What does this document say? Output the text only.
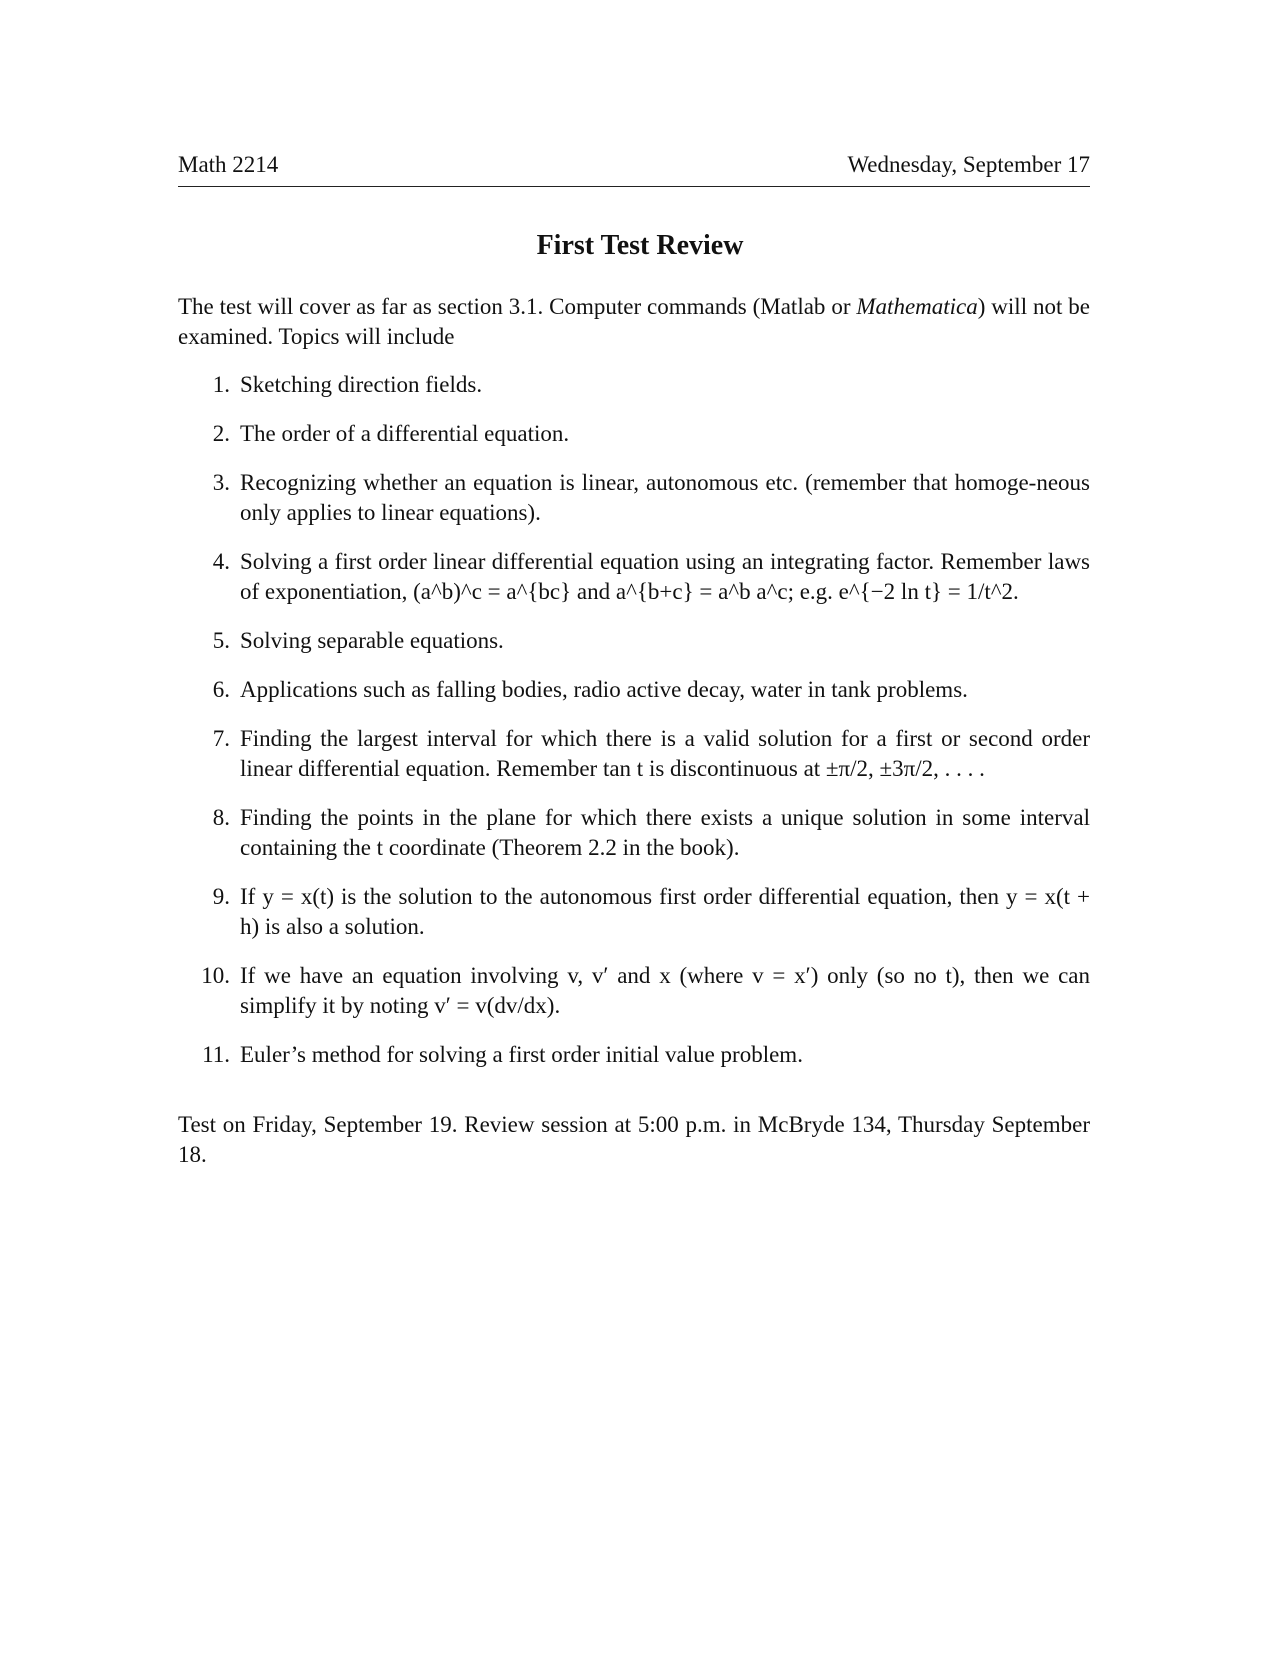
Math 2214	Wednesday, September 17
First Test Review
The test will cover as far as section 3.1. Computer commands (Matlab or Mathematica) will not be examined. Topics will include
1. Sketching direction fields.
2. The order of a differential equation.
3. Recognizing whether an equation is linear, autonomous etc. (remember that homoge-neous only applies to linear equations).
4. Solving a first order linear differential equation using an integrating factor. Remember laws of exponentiation, (a^b)^c = a^{bc} and a^{b+c} = a^b a^c; e.g. e^{−2 ln t} = 1/t^2.
5. Solving separable equations.
6. Applications such as falling bodies, radio active decay, water in tank problems.
7. Finding the largest interval for which there is a valid solution for a first or second order linear differential equation. Remember tan t is discontinuous at ±π/2, ±3π/2, . . . .
8. Finding the points in the plane for which there exists a unique solution in some interval containing the t coordinate (Theorem 2.2 in the book).
9. If y = x(t) is the solution to the autonomous first order differential equation, then y = x(t + h) is also a solution.
10. If we have an equation involving v, v′ and x (where v = x′) only (so no t), then we can simplify it by noting v′ = v(dv/dx).
11. Euler’s method for solving a first order initial value problem.
Test on Friday, September 19. Review session at 5:00 p.m. in McBryde 134, Thursday September 18.
